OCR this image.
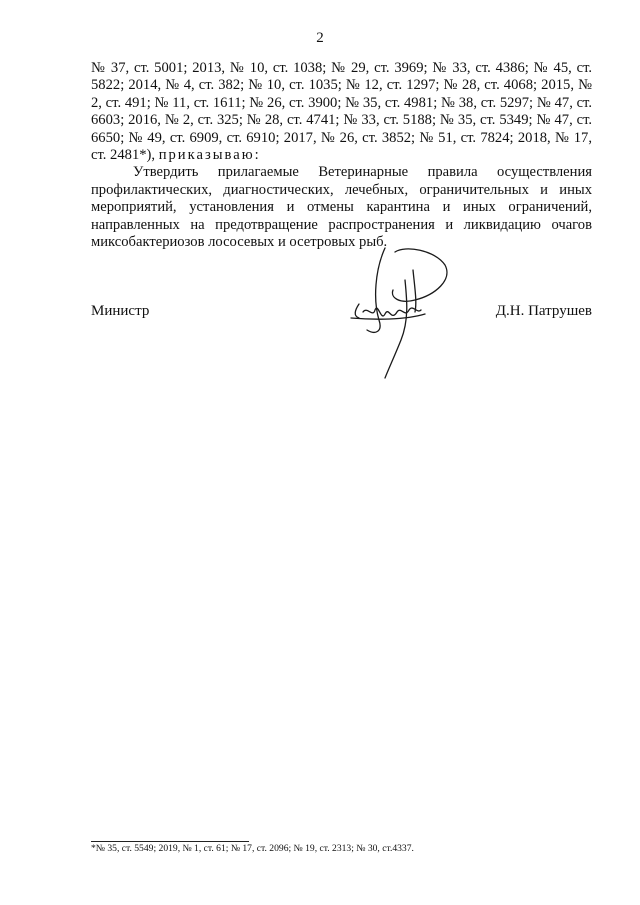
2

№ 37, ст. 5001; 2013, № 10, ст. 1038; № 29, ст. 3969; № 33, ст. 4386; № 45, ст. 5822; 2014, № 4, ст. 382; № 10, ст. 1035; № 12, ст. 1297; № 28, ст. 4068; 2015, № 2, ст. 491; № 11, ст. 1611; № 26, ст. 3900; № 35, ст. 4981; № 38, ст. 5297; № 47, ст. 6603; 2016, № 2, ст. 325; № 28, ст. 4741; № 33, ст. 5188; № 35, ст. 5349; № 47, ст. 6650; № 49, ст. 6909, ст. 6910; 2017, № 26, ст. 3852; № 51, ст. 7824; 2018, № 17, ст. 2481*), приказываю:

Утвердить прилагаемые Ветеринарные правила осуществления профилактических, диагностических, лечебных, ограничительных и иных мероприятий, установления и отмены карантина и иных ограничений, направленных на предотвращение распространения и ликвидацию очагов миксобактериозов лососевых и осетровых рыб.

Министр	Д.Н. Патрушев
*№ 35, ст. 5549; 2019, № 1, ст. 61; № 17, ст. 2096; № 19, ст. 2313; № 30, ст.4337.
